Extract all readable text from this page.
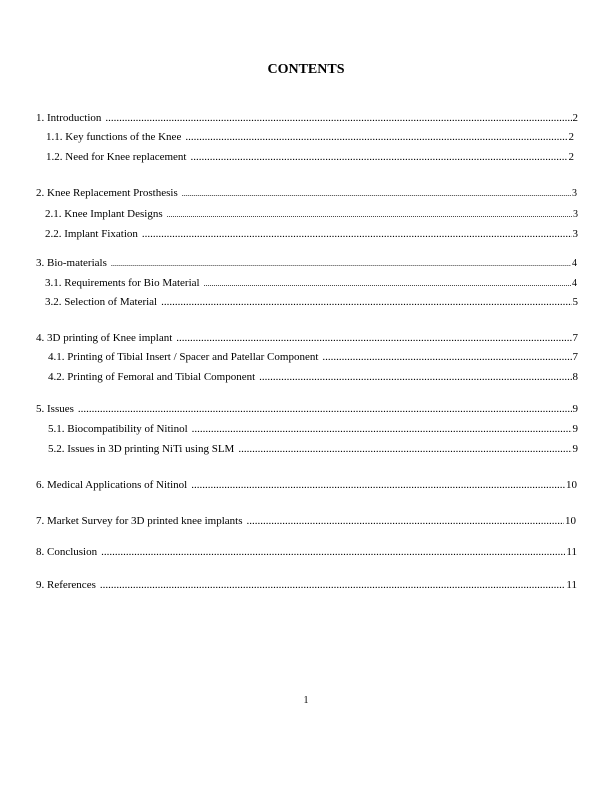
CONTENTS
1. Introduction .....	2
1.1. Key functions of the Knee .....	2
1.2. Need for Knee replacement .....	2
2. Knee Replacement Prosthesis .....	3
2.1. Knee Implant Designs .....	3
2.2. Implant Fixation .....	3
3. Bio-materials .....	4
3.1. Requirements for Bio Material .....	4
3.2. Selection of Material .....	5
4. 3D printing of Knee implant .....	7
4.1. Printing of Tibial Insert / Spacer and Patellar Component .....	7
4.2. Printing of Femoral and Tibial Component .....	8
5. Issues .....	9
5.1. Biocompatibility of Nitinol .....	9
5.2. Issues in 3D printing NiTi using SLM .....	9
6. Medical Applications of Nitinol .....	10
7. Market Survey for 3D printed knee implants .....	10
8. Conclusion .....	11
9. References .....	11
1
